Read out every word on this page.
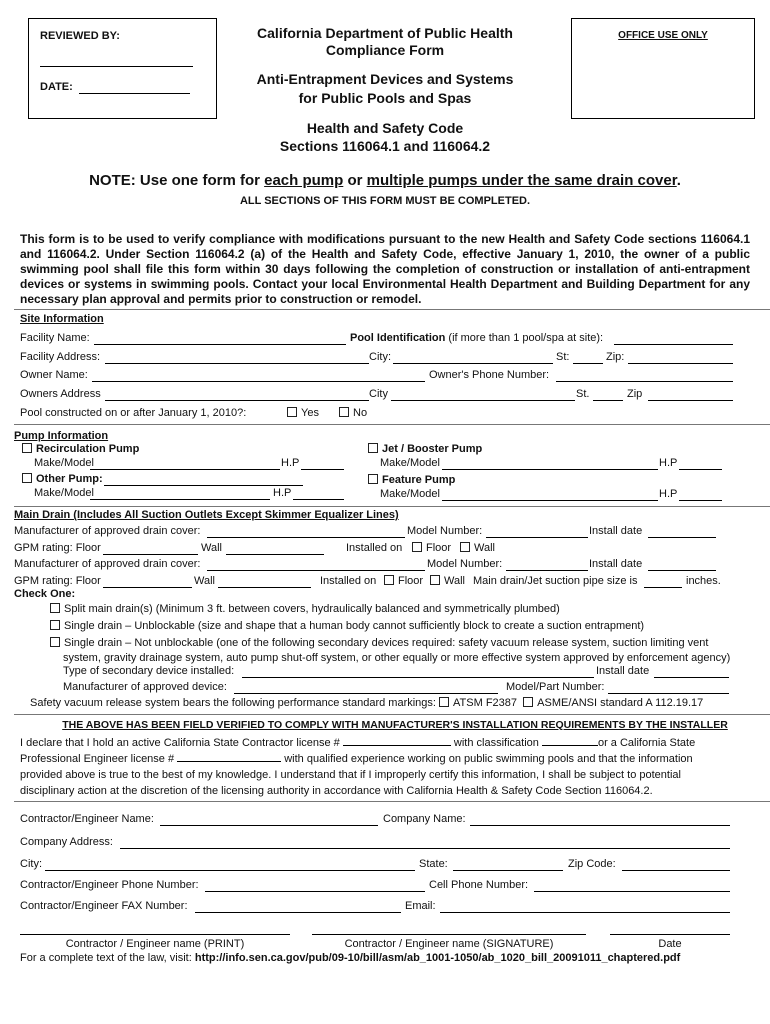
REVIEWED BY:
DATE:
OFFICE USE ONLY
California Department of Public Health
Compliance Form
Anti-Entrapment Devices and Systems
for Public Pools and Spas
Health and Safety Code
Sections 116064.1 and 116064.2
NOTE: Use one form for each pump or multiple pumps under the same drain cover.
ALL SECTIONS OF THIS FORM MUST BE COMPLETED.
This form is to be used to verify compliance with modifications pursuant to the new Health and Safety Code sections 116064.1 and 116064.2. Under Section 116064.2 (a) of the Health and Safety Code, effective January 1, 2010, the owner of a public swimming pool shall file this form within 30 days following the completion of construction or installation of anti-entrapment devices or systems in swimming pools. Contact your local Environmental Health Department and Building Department for any necessary plan approval and permits prior to construction or remodel.
Site Information
Facility Name:	Pool Identification (if more than 1 pool/spa at site):
Facility Address:	City:	St:	Zip:
Owner Name:	Owner's Phone Number:
Owners Address	City	St.	Zip
Pool constructed on or after January 1, 2010?:	Yes	No
Pump Information
Recirculation Pump
Make/Model	H.P
Jet / Booster Pump
Make/Model	H.P
Other Pump:
Make/Model	H.P
Feature Pump
Make/Model	H.P
Main Drain (Includes All Suction Outlets Except Skimmer Equalizer Lines)
Manufacturer of approved drain cover:	Model Number:	Install date
GPM rating: Floor	Wall	Installed on	Floor	Wall
Manufacturer of approved drain cover:	Model Number:	Install date
GPM rating: Floor	Wall	Installed on	Floor	Wall Main drain/Jet suction pipe size is	inches.
Check One:
Split main drain(s) (Minimum 3 ft. between covers, hydraulically balanced and symmetrically plumbed)
Single drain – Unblockable (size and shape that a human body cannot sufficiently block to create a suction entrapment)
Single drain – Not unblockable (one of the following secondary devices required: safety vacuum release system, suction limiting vent
system, gravity drainage system, auto pump shut-off system, or other equally or more effective system approved by enforcement agency)
Type of secondary device installed:	Install date
Manufacturer of approved device:	Model/Part Number:
Safety vacuum release system bears the following performance standard markings: ATSM F2387 ASME/ANSI standard A 112.19.17
THE ABOVE HAS BEEN FIELD VERIFIED TO COMPLY WITH MANUFACTURER'S INSTALLATION REQUIREMENTS BY THE INSTALLER
I declare that I hold an active California State Contractor license #	with classification	or a California State
Professional Engineer license #	with qualified experience working on public swimming pools and that the information
provided above is true to the best of my knowledge. I understand that if I improperly certify this information, I shall be subject to potential
disciplinary action at the discretion of the licensing authority in accordance with California Health & Safety Code Section 116064.2.
Contractor/Engineer Name:	Company Name:
Company Address:
City:	State:	Zip Code:
Contractor/Engineer Phone Number:	Cell Phone Number:
Contractor/Engineer FAX Number:	Email:
Contractor / Engineer name (PRINT)	Contractor / Engineer name (SIGNATURE)	Date
For a complete text of the law, visit: http://info.sen.ca.gov/pub/09-10/bill/asm/ab_1001-1050/ab_1020_bill_20091011_chaptered.pdf
